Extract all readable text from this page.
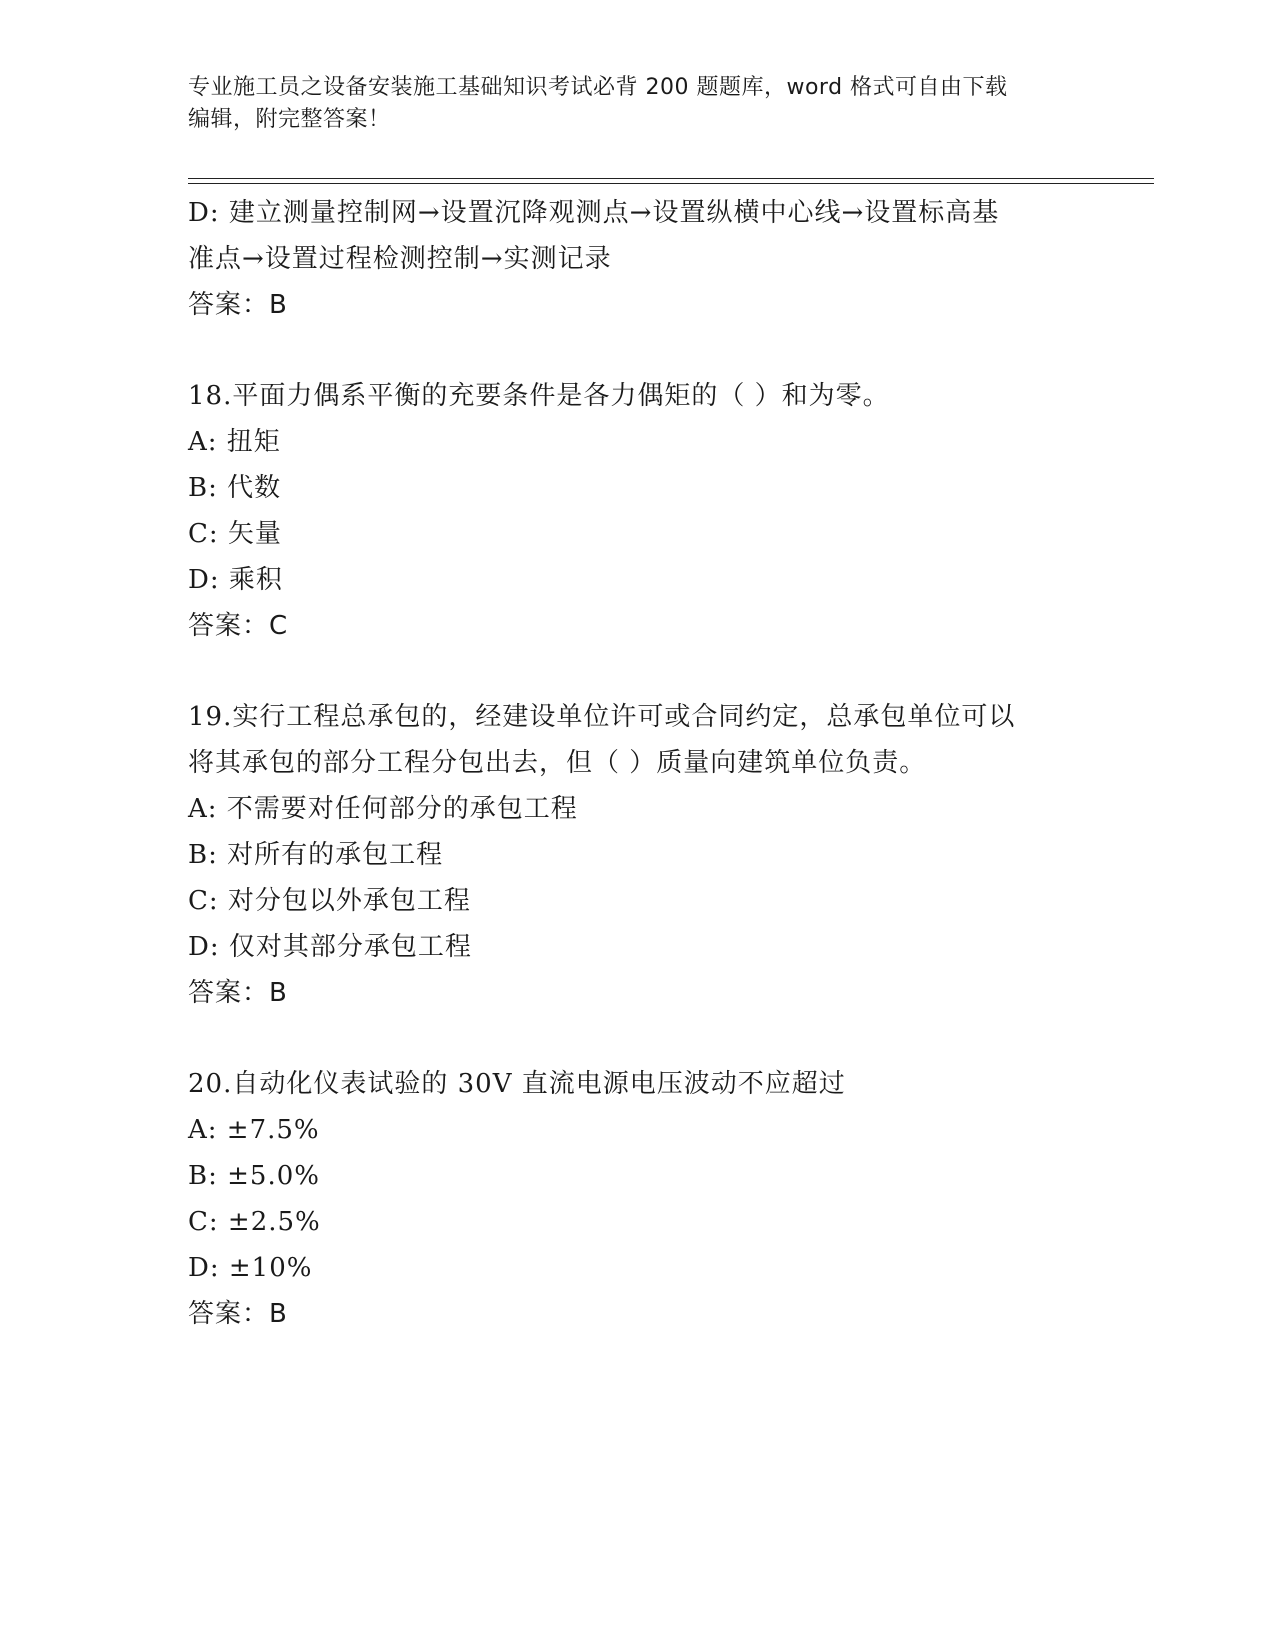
专业施工员之设备安装施工基础知识考试必背 200 题题库，word 格式可自由下载
编辑，附完整答案！
D: 建立测量控制网→设置沉降观测点→设置纵横中心线→设置标高基
准点→设置过程检测控制→实测记录
答案：B
18.平面力偶系平衡的充要条件是各力偶矩的（ ）和为零。
A: 扭矩
B: 代数
C: 矢量
D: 乘积
答案：C
19.实行工程总承包的，经建设单位许可或合同约定，总承包单位可以
将其承包的部分工程分包出去，但（ ）质量向建筑单位负责。
A: 不需要对任何部分的承包工程
B: 对所有的承包工程
C: 对分包以外承包工程
D: 仅对其部分承包工程
答案：B
20.自动化仪表试验的 30V 直流电源电压波动不应超过
A: ±7.5%
B: ±5.0%
C: ±2.5%
D: ±10%
答案：B
